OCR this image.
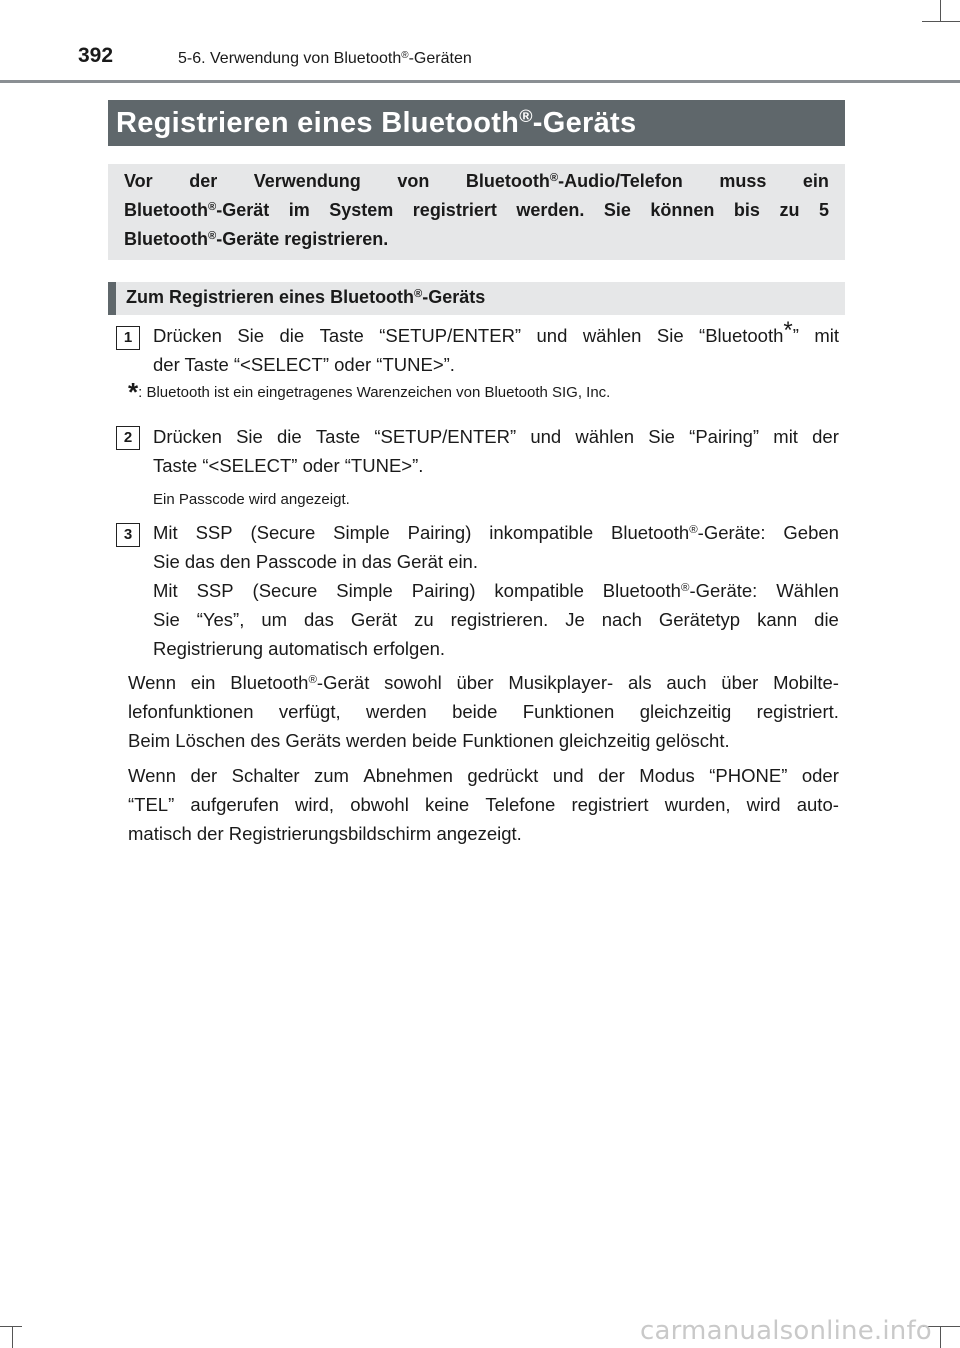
392	5-6. Verwendung von Bluetooth®-Geräten
Registrieren eines Bluetooth®-Geräts
Vor der Verwendung von Bluetooth®-Audio/Telefon muss ein
Bluetooth®-Gerät im System registriert werden. Sie können bis zu 5
Bluetooth®-Geräte registrieren.
Zum Registrieren eines Bluetooth®-Geräts
1	Drücken Sie die Taste “SETUP/ENTER” und wählen Sie “Bluetooth*” mit
der Taste “<SELECT” oder “TUNE>”.
*: Bluetooth ist ein eingetragenes Warenzeichen von Bluetooth SIG, Inc.
2	Drücken Sie die Taste “SETUP/ENTER” und wählen Sie “Pairing” mit der
Taste “<SELECT” oder “TUNE>”.
Ein Passcode wird angezeigt.
3	Mit SSP (Secure Simple Pairing) inkompatible Bluetooth®-Geräte: Geben
Sie das den Passcode in das Gerät ein.
Mit SSP (Secure Simple Pairing) kompatible Bluetooth®-Geräte: Wählen
Sie “Yes”, um das Gerät zu registrieren. Je nach Gerätetyp kann die
Registrierung automatisch erfolgen.
Wenn ein Bluetooth®-Gerät sowohl über Musikplayer- als auch über Mobilte-
lefonfunktionen verfügt, werden beide Funktionen gleichzeitig registriert.
Beim Löschen des Geräts werden beide Funktionen gleichzeitig gelöscht.
Wenn der Schalter zum Abnehmen gedrückt und der Modus “PHONE” oder
“TEL” aufgerufen wird, obwohl keine Telefone registriert wurden, wird auto-
matisch der Registrierungsbildschirm angezeigt.
carmanualsonline.info
